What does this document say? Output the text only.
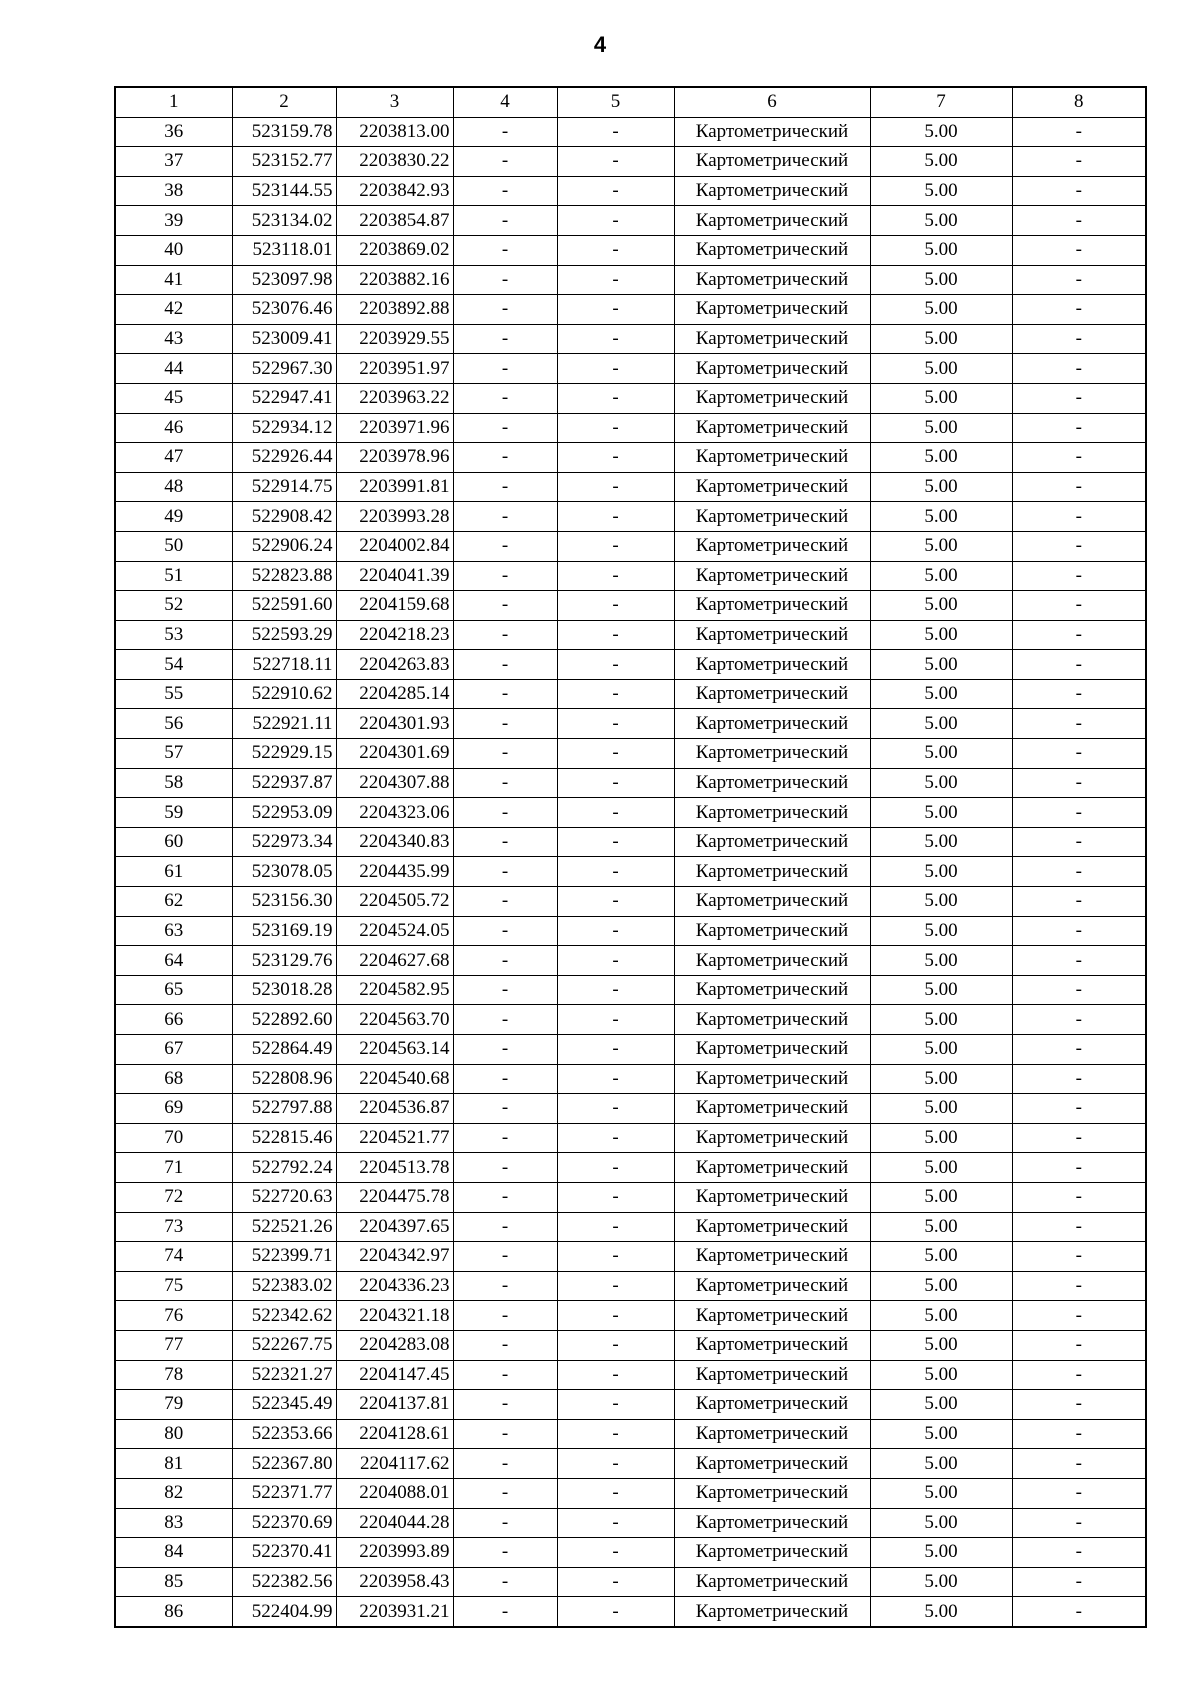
4
1	2	3	4	5	6	7	8
36	523159.78	2203813.00	-	-	Картометрический	5.00	-
37	523152.77	2203830.22	-	-	Картометрический	5.00	-
38	523144.55	2203842.93	-	-	Картометрический	5.00	-
39	523134.02	2203854.87	-	-	Картометрический	5.00	-
40	523118.01	2203869.02	-	-	Картометрический	5.00	-
41	523097.98	2203882.16	-	-	Картометрический	5.00	-
42	523076.46	2203892.88	-	-	Картометрический	5.00	-
43	523009.41	2203929.55	-	-	Картометрический	5.00	-
44	522967.30	2203951.97	-	-	Картометрический	5.00	-
45	522947.41	2203963.22	-	-	Картометрический	5.00	-
46	522934.12	2203971.96	-	-	Картометрический	5.00	-
47	522926.44	2203978.96	-	-	Картометрический	5.00	-
48	522914.75	2203991.81	-	-	Картометрический	5.00	-
49	522908.42	2203993.28	-	-	Картометрический	5.00	-
50	522906.24	2204002.84	-	-	Картометрический	5.00	-
51	522823.88	2204041.39	-	-	Картометрический	5.00	-
52	522591.60	2204159.68	-	-	Картометрический	5.00	-
53	522593.29	2204218.23	-	-	Картометрический	5.00	-
54	522718.11	2204263.83	-	-	Картометрический	5.00	-
55	522910.62	2204285.14	-	-	Картометрический	5.00	-
56	522921.11	2204301.93	-	-	Картометрический	5.00	-
57	522929.15	2204301.69	-	-	Картометрический	5.00	-
58	522937.87	2204307.88	-	-	Картометрический	5.00	-
59	522953.09	2204323.06	-	-	Картометрический	5.00	-
60	522973.34	2204340.83	-	-	Картометрический	5.00	-
61	523078.05	2204435.99	-	-	Картометрический	5.00	-
62	523156.30	2204505.72	-	-	Картометрический	5.00	-
63	523169.19	2204524.05	-	-	Картометрический	5.00	-
64	523129.76	2204627.68	-	-	Картометрический	5.00	-
65	523018.28	2204582.95	-	-	Картометрический	5.00	-
66	522892.60	2204563.70	-	-	Картометрический	5.00	-
67	522864.49	2204563.14	-	-	Картометрический	5.00	-
68	522808.96	2204540.68	-	-	Картометрический	5.00	-
69	522797.88	2204536.87	-	-	Картометрический	5.00	-
70	522815.46	2204521.77	-	-	Картометрический	5.00	-
71	522792.24	2204513.78	-	-	Картометрический	5.00	-
72	522720.63	2204475.78	-	-	Картометрический	5.00	-
73	522521.26	2204397.65	-	-	Картометрический	5.00	-
74	522399.71	2204342.97	-	-	Картометрический	5.00	-
75	522383.02	2204336.23	-	-	Картометрический	5.00	-
76	522342.62	2204321.18	-	-	Картометрический	5.00	-
77	522267.75	2204283.08	-	-	Картометрический	5.00	-
78	522321.27	2204147.45	-	-	Картометрический	5.00	-
79	522345.49	2204137.81	-	-	Картометрический	5.00	-
80	522353.66	2204128.61	-	-	Картометрический	5.00	-
81	522367.80	2204117.62	-	-	Картометрический	5.00	-
82	522371.77	2204088.01	-	-	Картометрический	5.00	-
83	522370.69	2204044.28	-	-	Картометрический	5.00	-
84	522370.41	2203993.89	-	-	Картометрический	5.00	-
85	522382.56	2203958.43	-	-	Картометрический	5.00	-
86	522404.99	2203931.21	-	-	Картометрический	5.00	-
